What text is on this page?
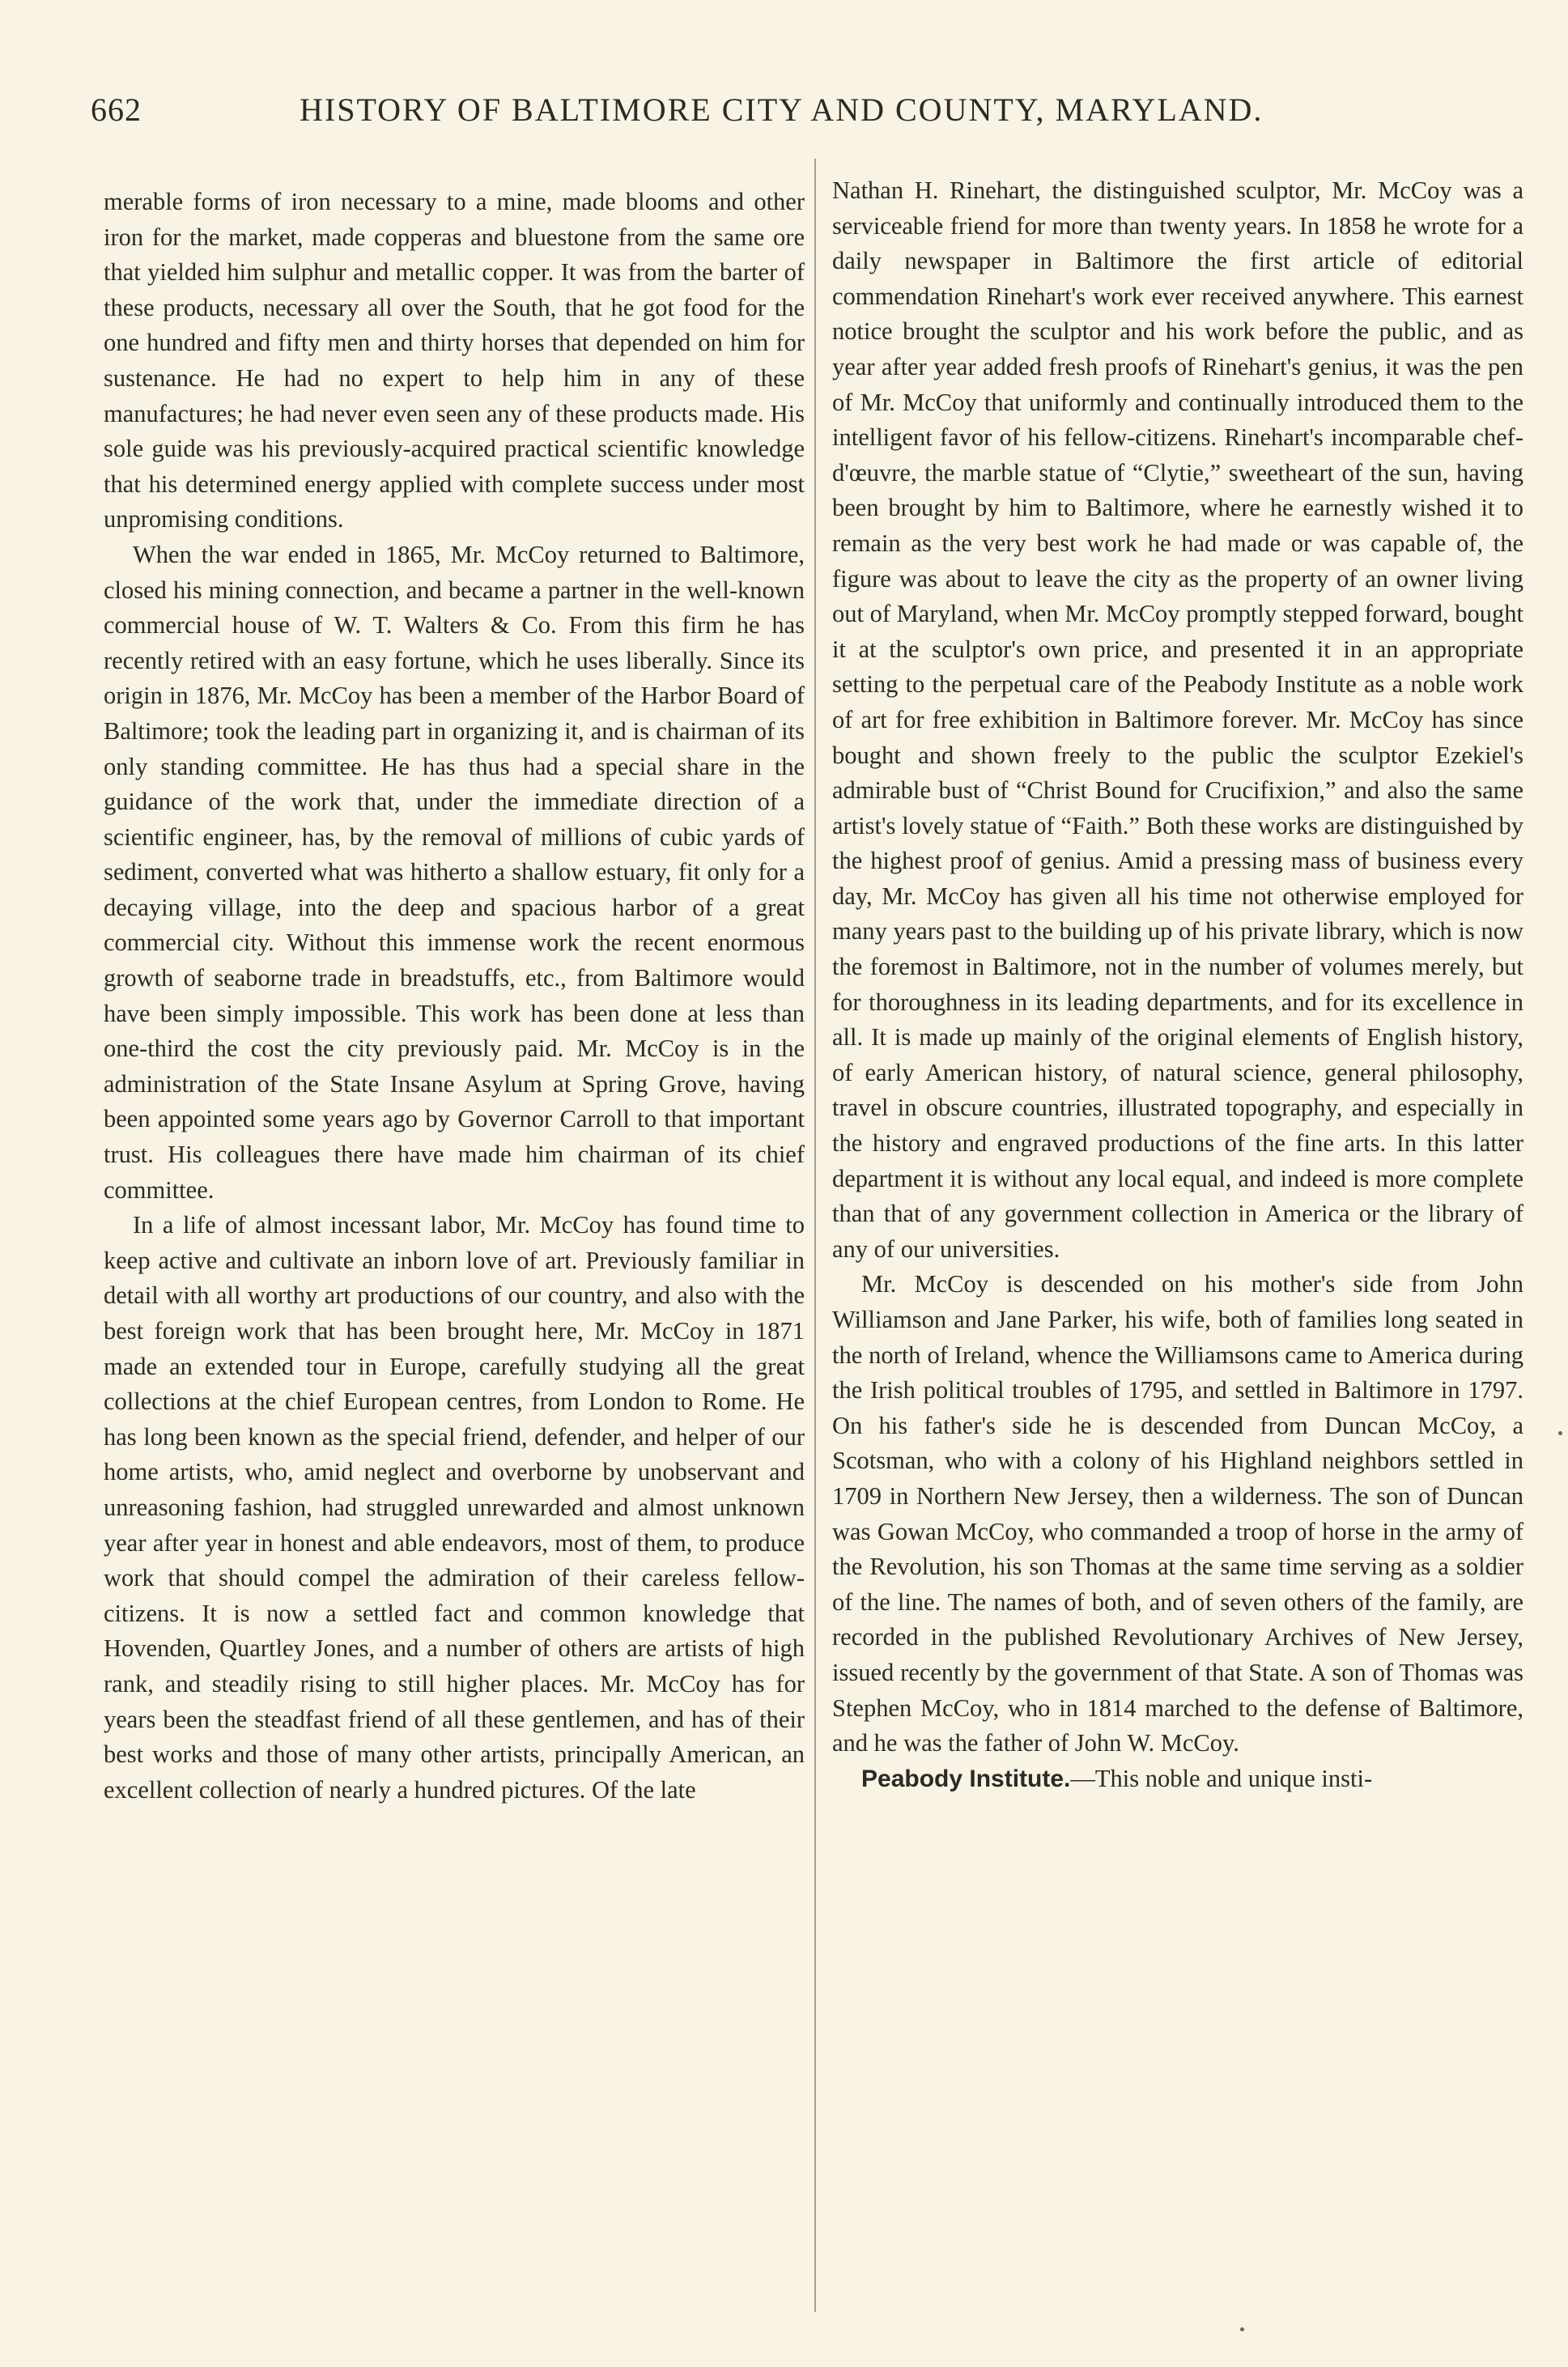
662	HISTORY OF BALTIMORE CITY AND COUNTY, MARYLAND.

merable forms of iron necessary to a mine, made blooms and other iron for the market, made copperas and bluestone from the same ore that yielded him sulphur and metallic copper. It was from the barter of these products, necessary all over the South, that he got food for the one hundred and fifty men and thirty horses that depended on him for sustenance. He had no expert to help him in any of these manufactures; he had never even seen any of these products made. His sole guide was his previously-acquired practical scientific knowledge that his determined energy applied with complete success under most unpromising conditions.

When the war ended in 1865, Mr. McCoy returned to Baltimore, closed his mining connection, and became a partner in the well-known commercial house of W. T. Walters & Co. From this firm he has recently retired with an easy fortune, which he uses liberally. Since its origin in 1876, Mr. McCoy has been a member of the Harbor Board of Baltimore; took the leading part in organizing it, and is chairman of its only standing committee. He has thus had a special share in the guidance of the work that, under the immediate direction of a scientific engineer, has, by the removal of millions of cubic yards of sediment, converted what was hitherto a shallow estuary, fit only for a decaying village, into the deep and spacious harbor of a great commercial city. Without this immense work the recent enormous growth of seaborne trade in breadstuffs, etc., from Baltimore would have been simply impossible. This work has been done at less than one-third the cost the city previously paid. Mr. McCoy is in the administration of the State Insane Asylum at Spring Grove, having been appointed some years ago by Governor Carroll to that important trust. His colleagues there have made him chairman of its chief committee.

In a life of almost incessant labor, Mr. McCoy has found time to keep active and cultivate an inborn love of art. Previously familiar in detail with all worthy art productions of our country, and also with the best foreign work that has been brought here, Mr. McCoy in 1871 made an extended tour in Europe, carefully studying all the great collections at the chief European centres, from London to Rome. He has long been known as the special friend, defender, and helper of our home artists, who, amid neglect and overborne by unobservant and unreasoning fashion, had struggled unrewarded and almost unknown year after year in honest and able endeavors, most of them, to produce work that should compel the admiration of their careless fellow-citizens. It is now a settled fact and common knowledge that Hovenden, Quartley Jones, and a number of others are artists of high rank, and steadily rising to still higher places. Mr. McCoy has for years been the steadfast friend of all these gentlemen, and has of their best works and those of many other artists, principally American, an excellent collection of nearly a hundred pictures. Of the late

Nathan H. Rinehart, the distinguished sculptor, Mr. McCoy was a serviceable friend for more than twenty years. In 1858 he wrote for a daily newspaper in Baltimore the first article of editorial commendation Rinehart's work ever received anywhere. This earnest notice brought the sculptor and his work before the public, and as year after year added fresh proofs of Rinehart's genius, it was the pen of Mr. McCoy that uniformly and continually introduced them to the intelligent favor of his fellow-citizens. Rinehart's incomparable chef-d'œuvre, the marble statue of “Clytie,” sweetheart of the sun, having been brought by him to Baltimore, where he earnestly wished it to remain as the very best work he had made or was capable of, the figure was about to leave the city as the property of an owner living out of Maryland, when Mr. McCoy promptly stepped forward, bought it at the sculptor's own price, and presented it in an appropriate setting to the perpetual care of the Peabody Institute as a noble work of art for free exhibition in Baltimore forever. Mr. McCoy has since bought and shown freely to the public the sculptor Ezekiel's admirable bust of “Christ Bound for Crucifixion,” and also the same artist's lovely statue of “Faith.” Both these works are distinguished by the highest proof of genius. Amid a pressing mass of business every day, Mr. McCoy has given all his time not otherwise employed for many years past to the building up of his private library, which is now the foremost in Baltimore, not in the number of volumes merely, but for thoroughness in its leading departments, and for its excellence in all. It is made up mainly of the original elements of English history, of early American history, of natural science, general philosophy, travel in obscure countries, illustrated topography, and especially in the history and engraved productions of the fine arts. In this latter department it is without any local equal, and indeed is more complete than that of any government collection in America or the library of any of our universities.

Mr. McCoy is descended on his mother's side from John Williamson and Jane Parker, his wife, both of families long seated in the north of Ireland, whence the Williamsons came to America during the Irish political troubles of 1795, and settled in Baltimore in 1797. On his father's side he is descended from Duncan McCoy, a Scotsman, who with a colony of his Highland neighbors settled in 1709 in Northern New Jersey, then a wilderness. The son of Duncan was Gowan McCoy, who commanded a troop of horse in the army of the Revolution, his son Thomas at the same time serving as a soldier of the line. The names of both, and of seven others of the family, are recorded in the published Revolutionary Archives of New Jersey, issued recently by the government of that State. A son of Thomas was Stephen McCoy, who in 1814 marched to the defense of Baltimore, and he was the father of John W. McCoy.

Peabody Institute.—This noble and unique insti-
